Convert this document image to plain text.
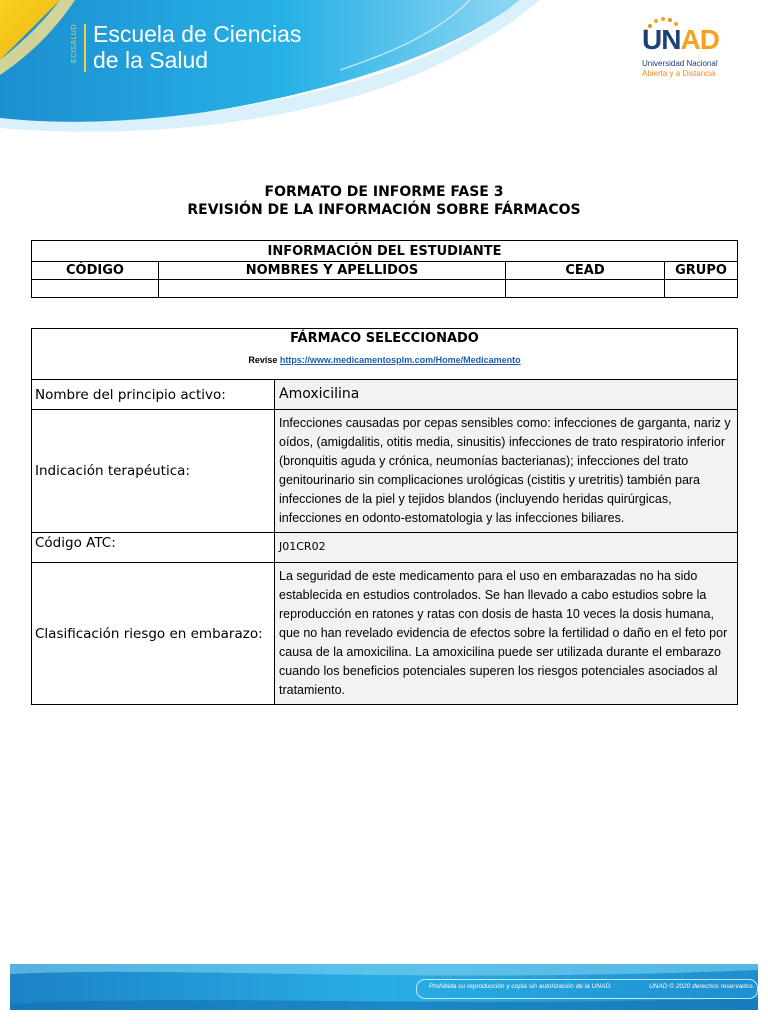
ECISALUD Escuela de Ciencias
de la Salud
UNAD
Universidad Nacional
Abierta y a Distancia
FORMATO DE INFORME FASE 3
REVISIÓN DE LA INFORMACIÓN SOBRE FÁRMACOS
INFORMACIÓN DEL ESTUDIANTE			
CÓDIGO	NOMBRES Y APELLIDOS	CEAD	GRUPO

FÁRMACO SELECCIONADO
Revise https://www.medicamentosplm.com/Home/Medicamento	

Nombre del principio activo:	Amoxicilina
Indicación terapéutica:	Infecciones causadas por cepas sensibles como: infecciones de garganta, nariz y oídos, (amigdalitis, otitis media, sinusitis) infecciones de trato respiratorio inferior (bronquitis aguda y crónica, neumonías bacterianas); infecciones del trato genitourinario sin complicaciones urológicas (cistitis y uretritis) también para infecciones de la piel y tejidos blandos (incluyendo heridas quirúrgicas, infecciones en odonto-estomatologia y las infecciones biliares.
Código ATC:	J01CR02
Clasificación riesgo en embarazo:	La seguridad de este medicamento para el uso en embarazadas no ha sido establecida en estudios controlados. Se han llevado a cabo estudios sobre la reproducción en ratones y ratas con dosis de hasta 10 veces la dosis humana, que no han revelado evidencia de efectos sobre la fertilidad o daño en el feto por causa de la amoxicilina. La amoxicilina puede ser utilizada durante el embarazo cuando los beneficios potenciales superen los riesgos potenciales asociados al tratamiento.
Prohibida su reproducción y copia sin autorización de la UNAD.	UNAD © 2020 derechos reservados.
